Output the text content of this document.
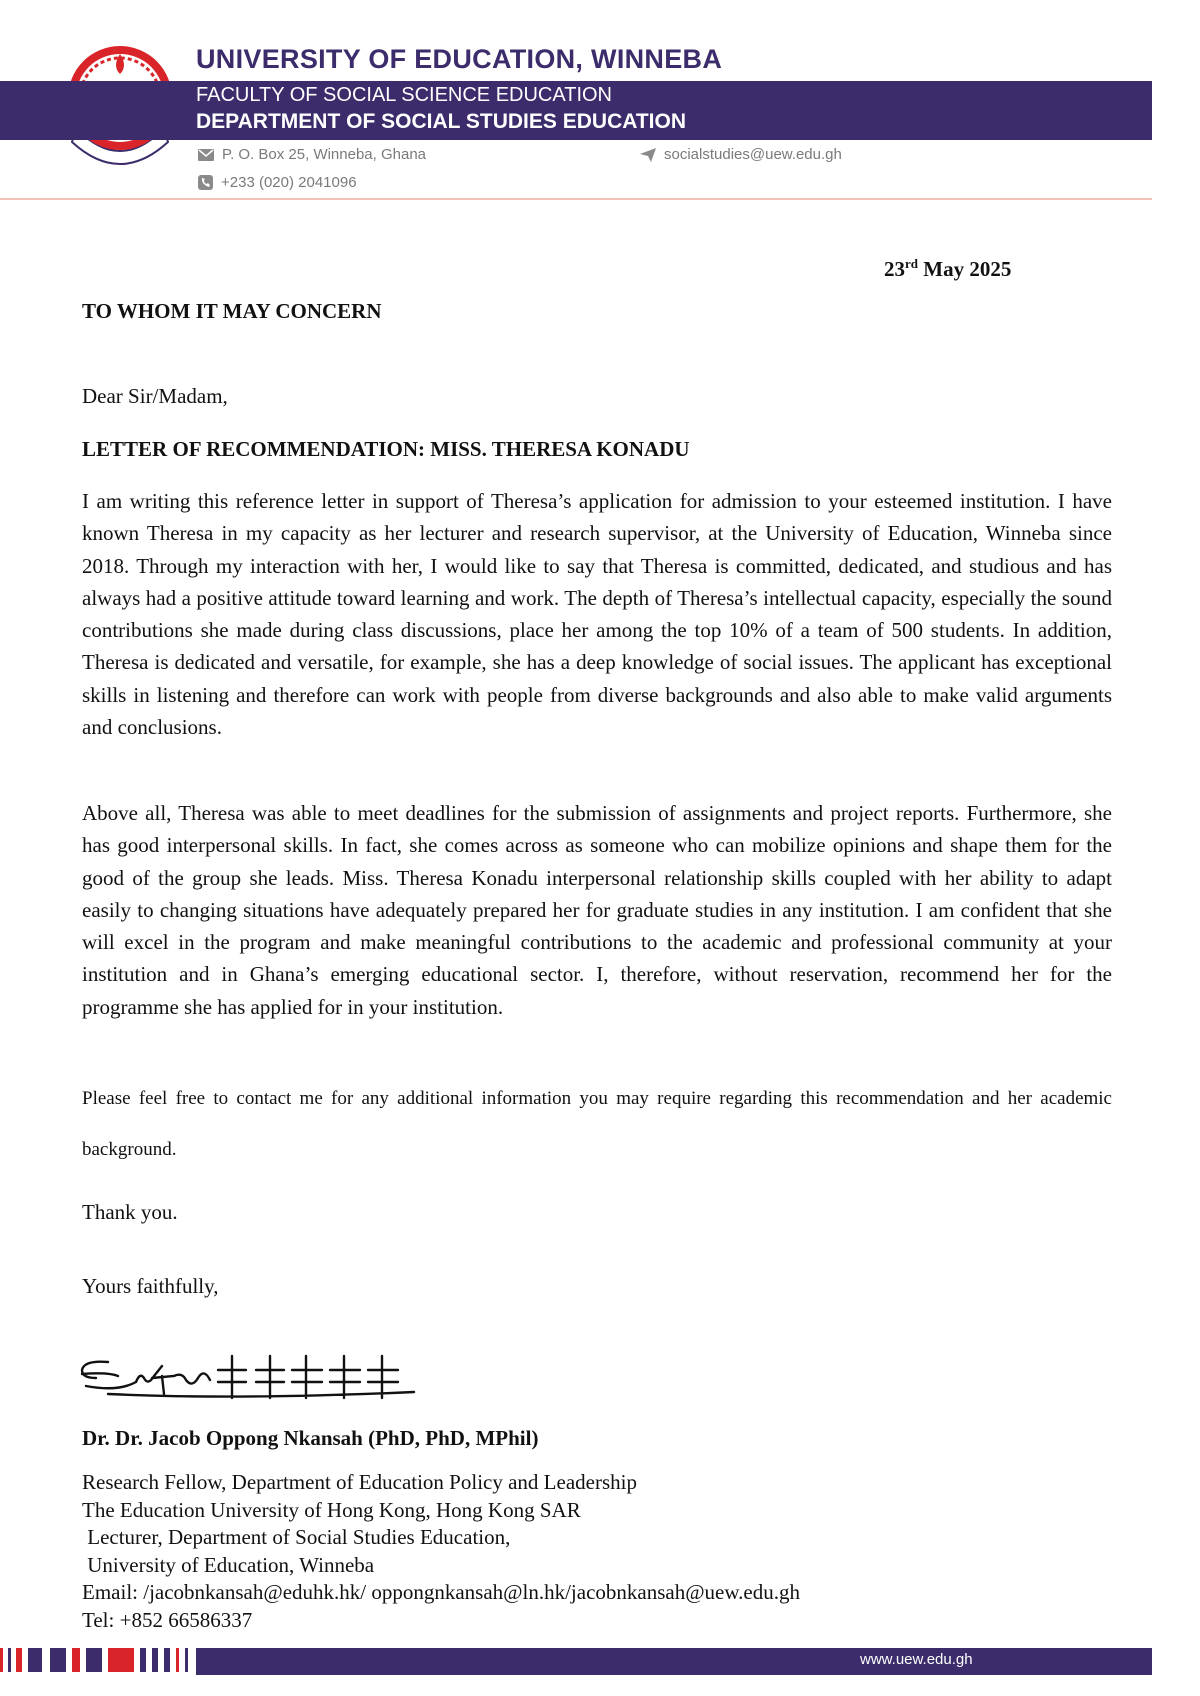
UNIVERSITY OF EDUCATION, WINNEBA
FACULTY OF SOCIAL SCIENCE EDUCATION
DEPARTMENT OF SOCIAL STUDIES EDUCATION
P. O. Box 25, Winneba, Ghana
+233 (020) 2041096
socialstudies@uew.edu.gh
23rd May 2025
TO WHOM IT MAY CONCERN
Dear Sir/Madam,
LETTER OF RECOMMENDATION: MISS. THERESA KONADU
I am writing this reference letter in support of Theresa’s application for admission to your esteemed institution. I have known Theresa in my capacity as her lecturer and research supervisor, at the University of Education, Winneba since 2018. Through my interaction with her, I would like to say that Theresa is committed, dedicated, and studious and has always had a positive attitude toward learning and work. The depth of Theresa’s intellectual capacity, especially the sound contributions she made during class discussions, place her among the top 10% of a team of 500 students. In addition, Theresa is dedicated and versatile, for example, she has a deep knowledge of social issues. The applicant has exceptional skills in listening and therefore can work with people from diverse backgrounds and also able to make valid arguments and conclusions.
Above all, Theresa was able to meet deadlines for the submission of assignments and project reports. Furthermore, she has good interpersonal skills. In fact, she comes across as someone who can mobilize opinions and shape them for the good of the group she leads. Miss. Theresa Konadu interpersonal relationship skills coupled with her ability to adapt easily to changing situations have adequately prepared her for graduate studies in any institution. I am confident that she will excel in the program and make meaningful contributions to the academic and professional community at your institution and in Ghana’s emerging educational sector. I, therefore, without reservation, recommend her for the programme she has applied for in your institution.
Please feel free to contact me for any additional information you may require regarding this recommendation and her academic background.
Thank you.
Yours faithfully,
Dr. Dr. Jacob Oppong Nkansah (PhD, PhD, MPhil)
Research Fellow, Department of Education Policy and Leadership
The Education University of Hong Kong, Hong Kong SAR
Lecturer, Department of Social Studies Education,
University of Education, Winneba
Email: /jacobnkansah@eduhk.hk/ oppongnkansah@ln.hk/jacobnkansah@uew.edu.gh
Tel: +852 66586337
www.uew.edu.gh
